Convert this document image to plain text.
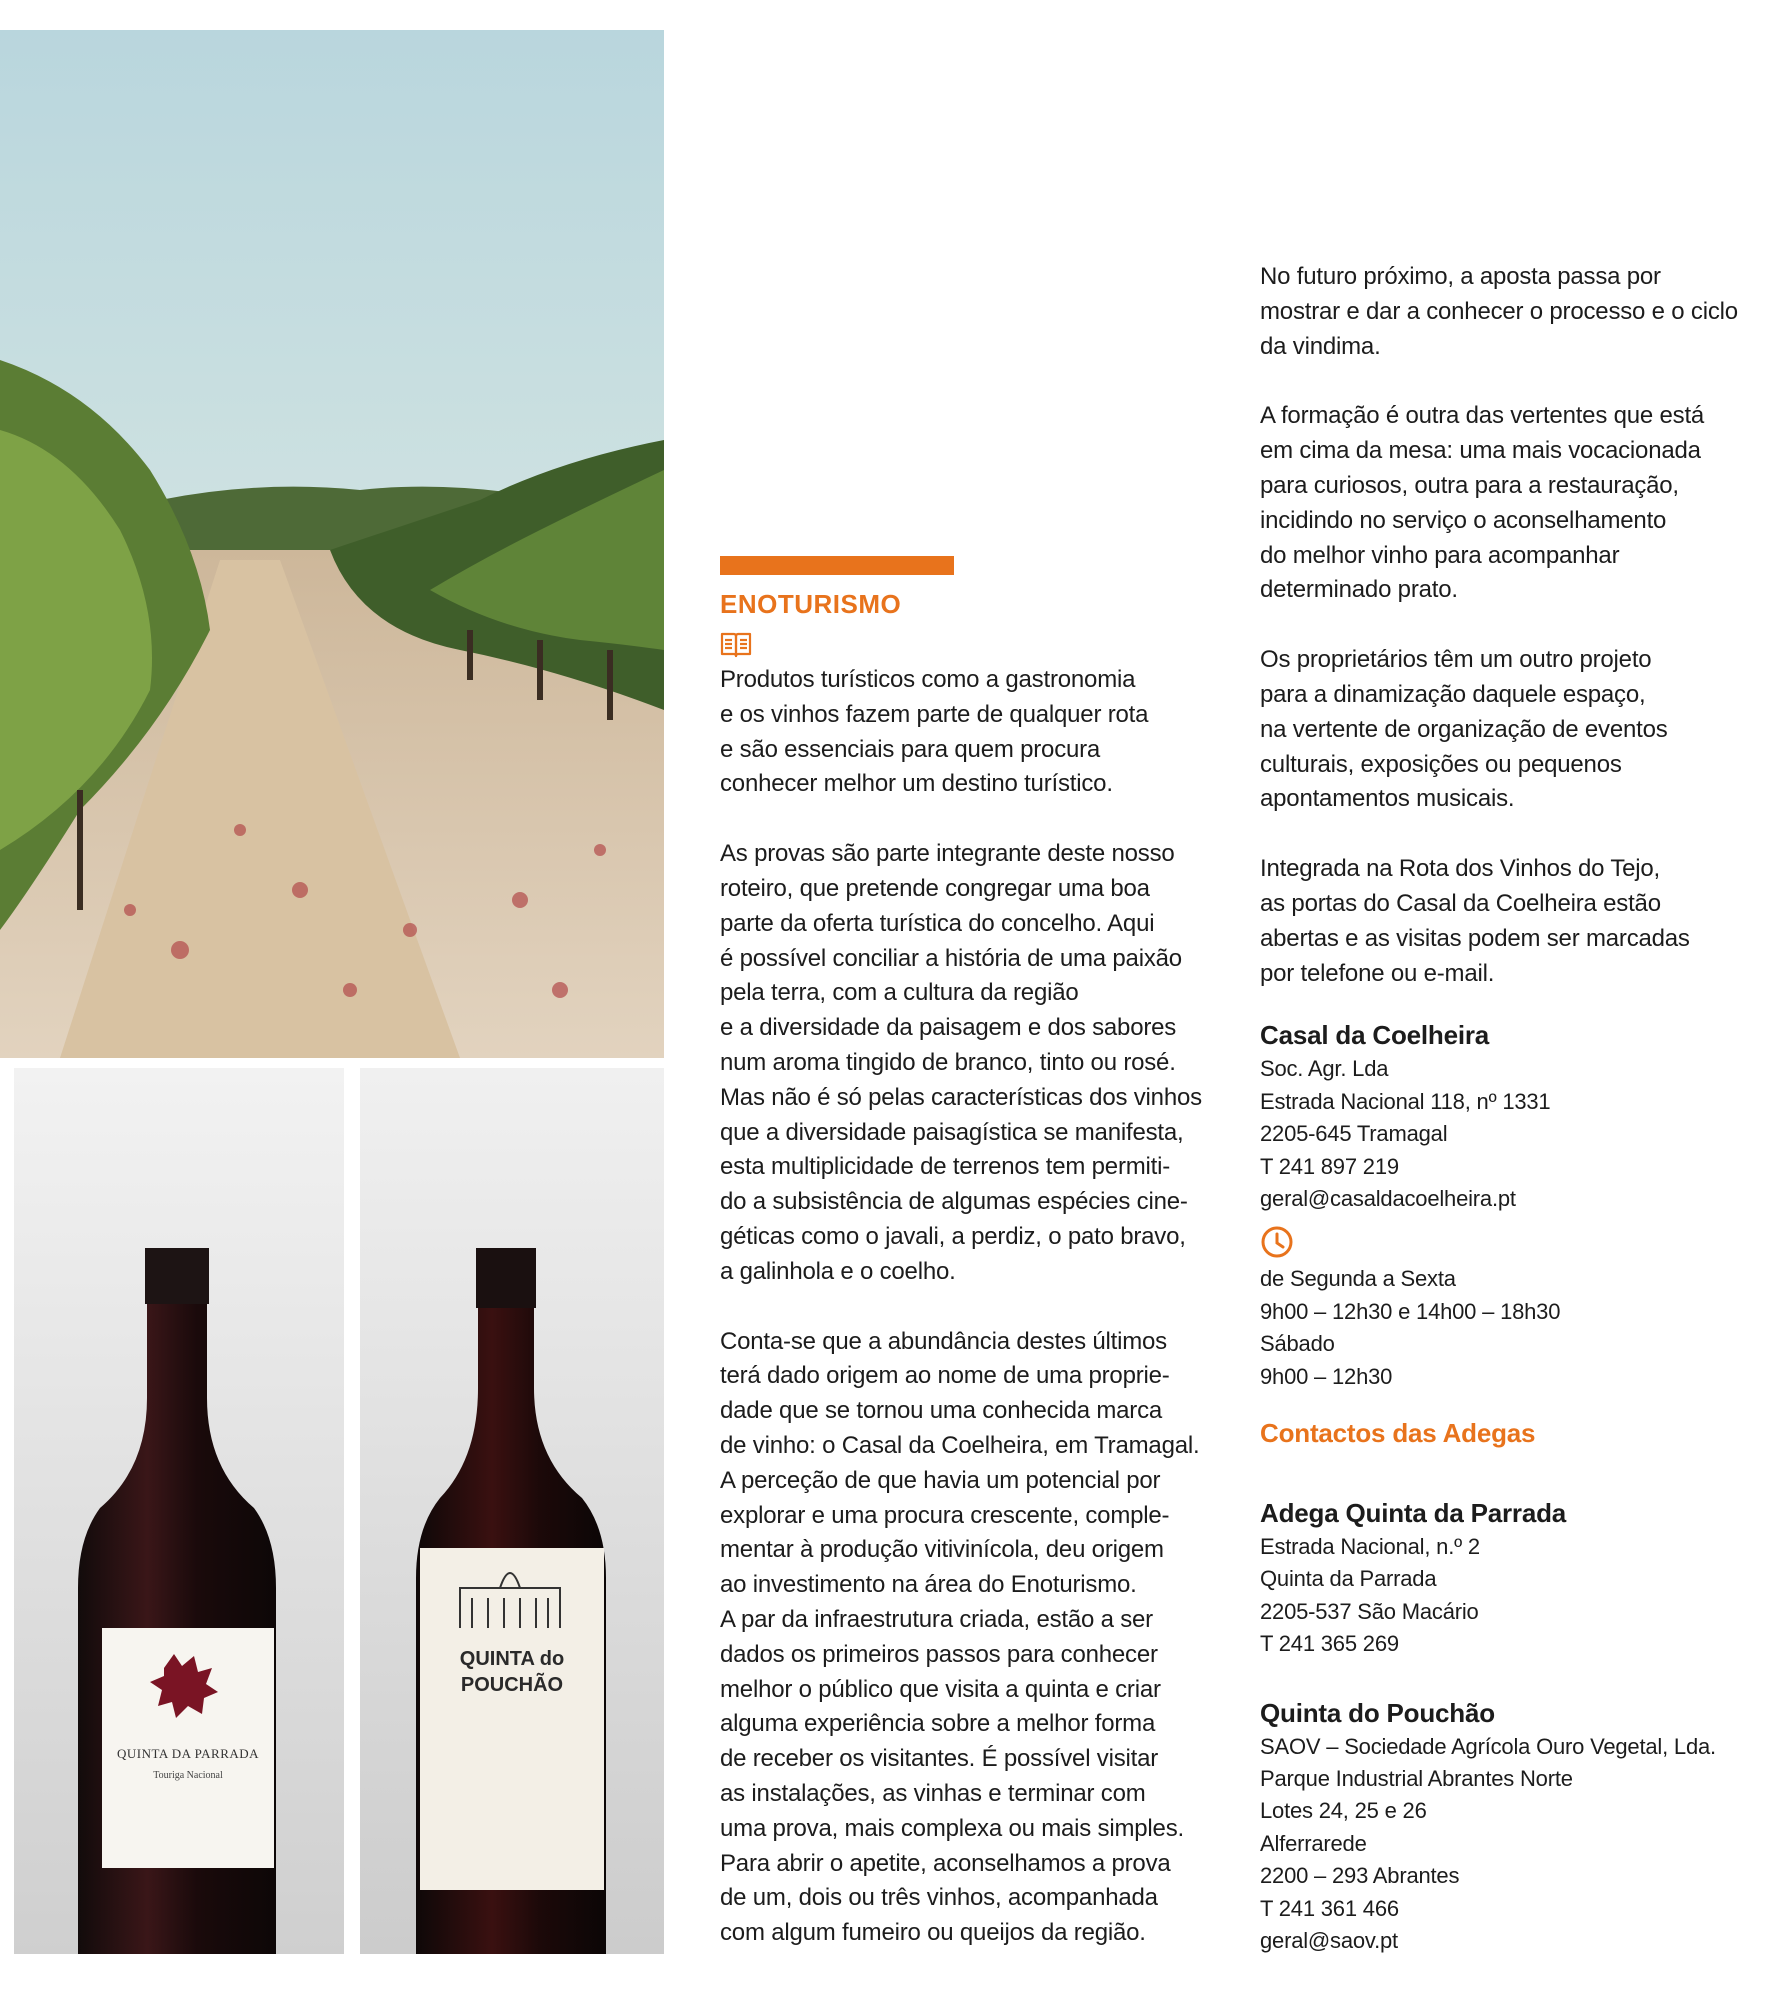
QUINTA DA PARRADA
Touriga Nacional
QUINTA do
POUCHÃO
ENOTURISMO

Produtos turísticos como a gastronomia
e os vinhos fazem parte de qualquer rota
e são essenciais para quem procura
conhecer melhor um destino turístico.

As provas são parte integrante deste nosso
roteiro, que pretende congregar uma boa
parte da oferta turística do concelho. Aqui
é possível conciliar a história de uma paixão
pela terra, com a cultura da região
e a diversidade da paisagem e dos sabores
num aroma tingido de branco, tinto ou rosé.
Mas não é só pelas características dos vinhos
que a diversidade paisagística se manifesta,
esta multiplicidade de terrenos tem permiti-
do a subsistência de algumas espécies cine-
géticas como o javali, a perdiz, o pato bravo,
a galinhola e o coelho.

Conta-se que a abundância destes últimos
terá dado origem ao nome de uma proprie-
dade que se tornou uma conhecida marca
de vinho: o Casal da Coelheira, em Tramagal.
A perceção de que havia um potencial por
explorar e uma procura crescente, comple-
mentar à produção vitivinícola, deu origem
ao investimento na área do Enoturismo.
A par da infraestrutura criada, estão a ser
dados os primeiros passos para conhecer
melhor o público que visita a quinta e criar
alguma experiência sobre a melhor forma
de receber os visitantes. É possível visitar
as instalações, as vinhas e terminar com
uma prova, mais complexa ou mais simples.
Para abrir o apetite, aconselhamos a prova
de um, dois ou três vinhos, acompanhada
com algum fumeiro ou queijos da região.

No futuro próximo, a aposta passa por
mostrar e dar a conhecer o processo e o ciclo
da vindima.

A formação é outra das vertentes que está
em cima da mesa: uma mais vocacionada
para curiosos, outra para a restauração,
incidindo no serviço o aconselhamento
do melhor vinho para acompanhar
determinado prato.

Os proprietários têm um outro projeto
para a dinamização daquele espaço,
na vertente de organização de eventos
culturais, exposições ou pequenos
apontamentos musicais.

Integrada na Rota dos Vinhos do Tejo,
as portas do Casal da Coelheira estão
abertas e as visitas podem ser marcadas
por telefone ou e-mail.

Casal da Coelheira
Soc. Agr. Lda
Estrada Nacional 118, nº 1331
2205-645 Tramagal
T 241 897 219
geral@casaldacoelheira.pt
de Segunda a Sexta
9h00 – 12h30 e 14h00 – 18h30
Sábado
9h00 – 12h30
Contactos das Adegas
Adega Quinta da Parrada
Estrada Nacional, n.º 2
Quinta da Parrada
2205-537 São Macário
T 241 365 269
Quinta do Pouchão
SAOV – Sociedade Agrícola Ouro Vegetal, Lda.
Parque Industrial Abrantes Norte
Lotes 24, 25 e 26
Alferrarede
2200 – 293 Abrantes
T 241 361 466
geral@saov.pt
